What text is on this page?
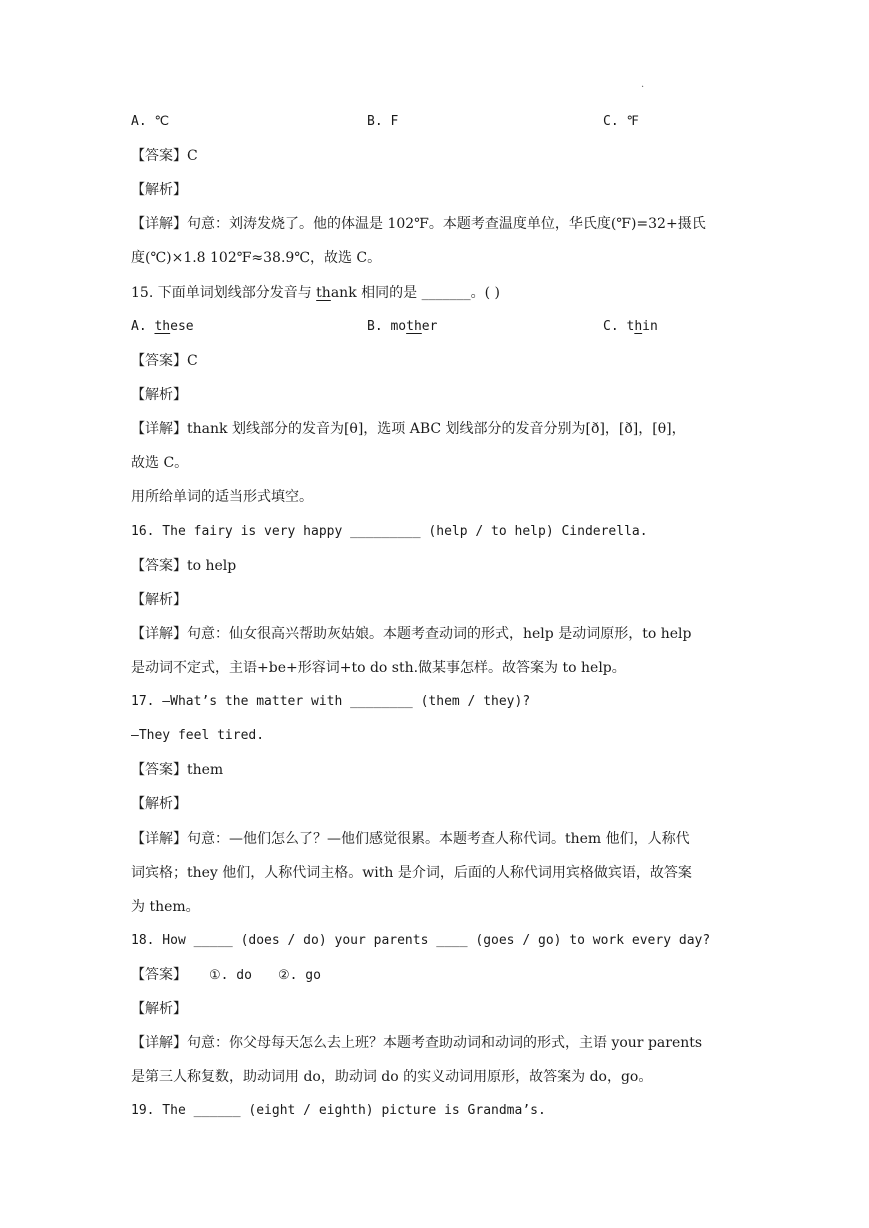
·
A. ℃	B. F	C. ℉
【答案】C
【解析】
【详解】句意：刘涛发烧了。他的体温是 102℉。本题考查温度单位，华氏度(℉)=32+摄氏
度(℃)×1.8 102℉≈38.9℃，故选 C。
15. 下面单词划线部分发音与 thank 相同的是 _______。( )
A. these	B. mother	C. thin
【答案】C
【解析】
【详解】thank 划线部分的发音为[θ]，选项 ABC 划线部分的发音分别为[ð]，[ð]，[θ]，
故选 C。
用所给单词的适当形式填空。
16. The fairy is very happy _________ (help / to help) Cinderella.
【答案】to help
【解析】
【详解】句意：仙女很高兴帮助灰姑娘。本题考查动词的形式，help 是动词原形，to help
是动词不定式，主语+be+形容词+to do sth.做某事怎样。故答案为 to help。
17. —What’s the matter with ________ (them / they)?
—They feel tired.
【答案】them
【解析】
【详解】句意：—他们怎么了？—他们感觉很累。本题考查人称代词。them 他们，人称代
词宾格；they 他们，人称代词主格。with 是介词，后面的人称代词用宾格做宾语，故答案
为 them。
18. How _____ (does / do) your parents ____ (goes / go) to work every day?
【答案】 ①. do ②. go
【解析】
【详解】句意：你父母每天怎么去上班？本题考查助动词和动词的形式，主语 your parents
是第三人称复数，助动词用 do，助动词 do 的实义动词用原形，故答案为 do，go。
19. The ______ (eight / eighth) picture is Grandma’s.
